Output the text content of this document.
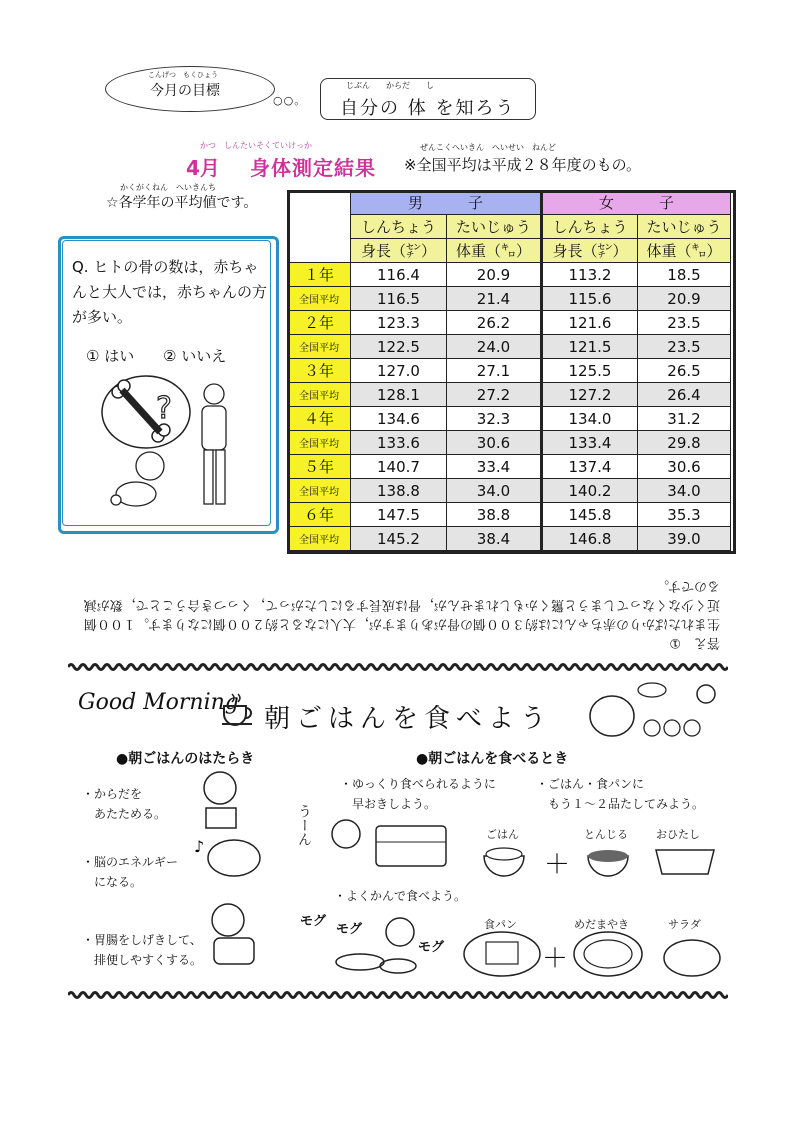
今月の目標
こんげつ　もくひょう
○○。
じぶん　　からだ　　し
自分の 体 を知ろう
かつ　しんたいそくていけっか
4月 身体測定結果
ぜんこくへいきん　へいせい　ねんど
※全国平均は平成２８年度のもの。
かくがくねん　へいきんち
☆各学年の平均値です。
Q. ヒトの骨の数は，赤ちゃんと大人では，赤ちゃんの方が多い。
① はい ② いいえ
?
	男　　　子		女　　　子	
	しんちょう	たいじゅう	しんちょう	たいじゅう
	身長（㌢）	体重（㌔）	身長（㌢）	体重（㌔）
１年	116.4	20.9	113.2	18.5
全国平均	116.5	21.4	115.6	20.9
２年	123.3	26.2	121.6	23.5
全国平均	122.5	24.0	121.5	23.5
３年	127.0	27.1	125.5	26.5
全国平均	128.1	27.2	127.2	26.4
４年	134.6	32.3	134.0	31.2
全国平均	133.6	30.6	133.4	29.8
５年	140.7	33.4	137.4	30.6
全国平均	138.8	34.0	140.2	34.0
６年	147.5	38.8	145.8	35.3
全国平均	145.2	38.4	146.8	39.0
答え　①
生まれたばかりの赤ちゃんには約３００個の骨がありますが，大人になると約２００個になります。１００個近く少なくなってしまうと驚くかもしれませんが，骨は成長するにしたがって，くっつき合うことで，数が減るのです。
Good Morning
朝ごはんを食べよう
●朝ごはんのはたらき	●朝ごはんを食べるとき
・からだを
　あたためる。
・脳のエネルギー
　になる。
・胃腸をしげきして、
　排便しやすくする。
♪
・ゆっくり食べられるように
　早おきしよう。
・ごはん・食パンに
　もう１～２品たしてみよう。
・よくかんで食べよう。
うーん
モグ
モグ
モグ
ごはん	とんじる	おひたし
＋
食パン	めだまやき	サラダ
＋
